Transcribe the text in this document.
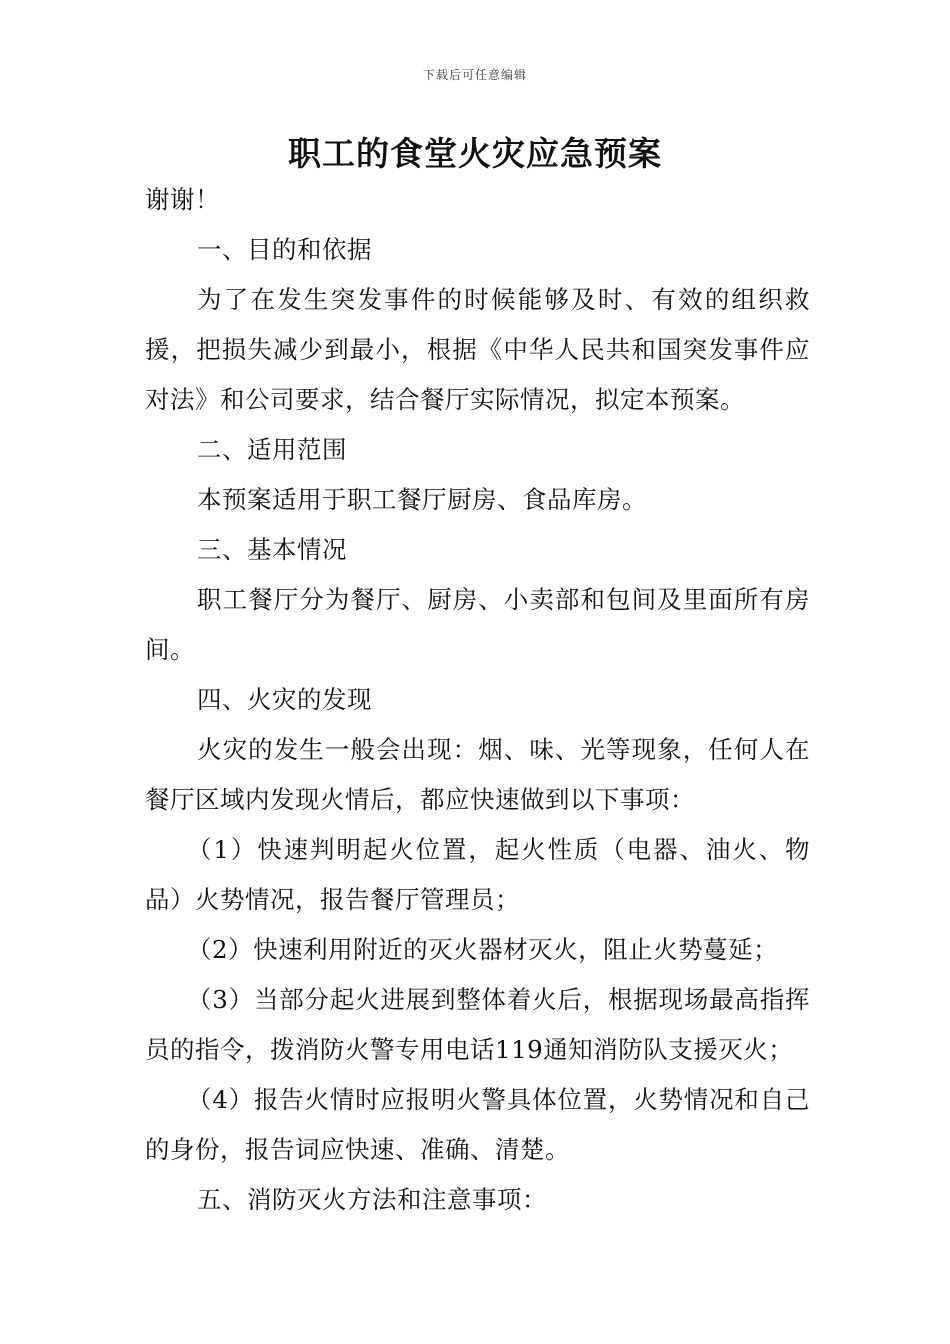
下载后可任意编辑
职工的食堂火灾应急预案

谢谢！

一、目的和依据

为了在发生突发事件的时候能够及时、有效的组织救援，把损失减少到最小，根据《中华人民共和国突发事件应对法》和公司要求，结合餐厅实际情况，拟定本预案。

二、适用范围

本预案适用于职工餐厅厨房、食品库房。

三、基本情况

职工餐厅分为餐厅、厨房、小卖部和包间及里面所有房间。

四、火灾的发现

火灾的发生一般会出现：烟、味、光等现象，任何人在餐厅区域内发现火情后，都应快速做到以下事项：

（1）快速判明起火位置，起火性质（电器、油火、物品）火势情况，报告餐厅管理员；

（2）快速利用附近的灭火器材灭火，阻止火势蔓延；

（3）当部分起火进展到整体着火后，根据现场最高指挥员的指令，拨消防火警专用电话119通知消防队支援灭火；

（4）报告火情时应报明火警具体位置，火势情况和自己的身份，报告词应快速、准确、清楚。

五、消防灭火方法和注意事项：
